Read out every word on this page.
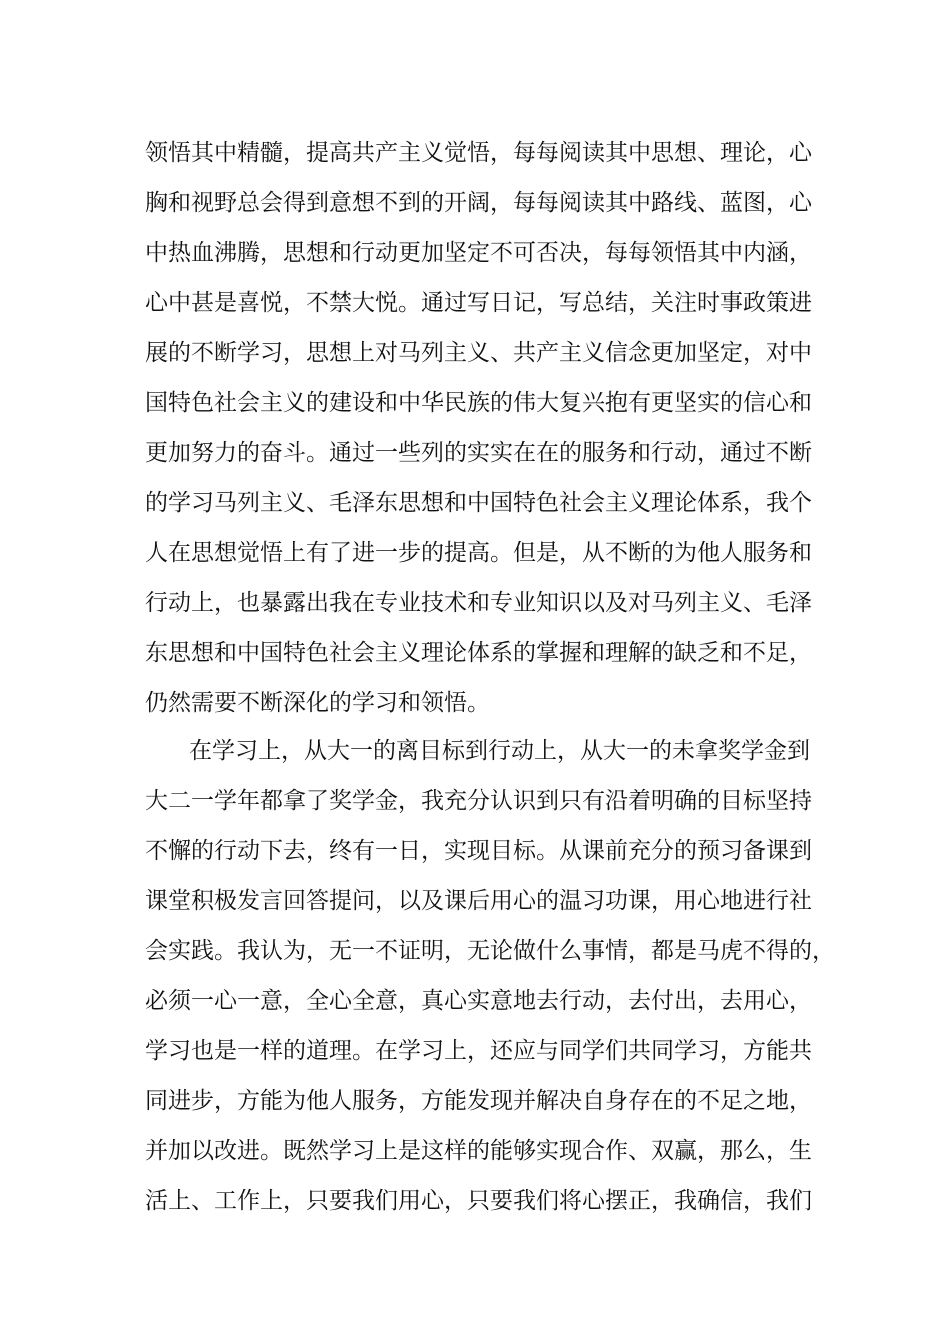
领悟其中精髓，提高共产主义觉悟，每每阅读其中思想、理论，心

胸和视野总会得到意想不到的开阔，每每阅读其中路线、蓝图，心

中热血沸腾，思想和行动更加坚定不可否决，每每领悟其中内涵，

心中甚是喜悦，不禁大悦。通过写日记，写总结，关注时事政策进

展的不断学习，思想上对马列主义、共产主义信念更加坚定，对中

国特色社会主义的建设和中华民族的伟大复兴抱有更坚实的信心和

更加努力的奋斗。通过一些列的实实在在的服务和行动，通过不断

的学习马列主义、毛泽东思想和中国特色社会主义理论体系，我个

人在思想觉悟上有了进一步的提高。但是，从不断的为他人服务和

行动上，也暴露出我在专业技术和专业知识以及对马列主义、毛泽

东思想和中国特色社会主义理论体系的掌握和理解的缺乏和不足，

仍然需要不断深化的学习和领悟。

在学习上，从大一的离目标到行动上，从大一的未拿奖学金到

大二一学年都拿了奖学金，我充分认识到只有沿着明确的目标坚持

不懈的行动下去，终有一日，实现目标。从课前充分的预习备课到

课堂积极发言回答提问，以及课后用心的温习功课，用心地进行社

会实践。我认为，无一不证明，无论做什么事情，都是马虎不得的，

必须一心一意，全心全意，真心实意地去行动，去付出，去用心，

学习也是一样的道理。在学习上，还应与同学们共同学习，方能共

同进步，方能为他人服务，方能发现并解决自身存在的不足之地，

并加以改进。既然学习上是这样的能够实现合作、双赢，那么，生

活上、工作上，只要我们用心，只要我们将心摆正，我确信，我们
